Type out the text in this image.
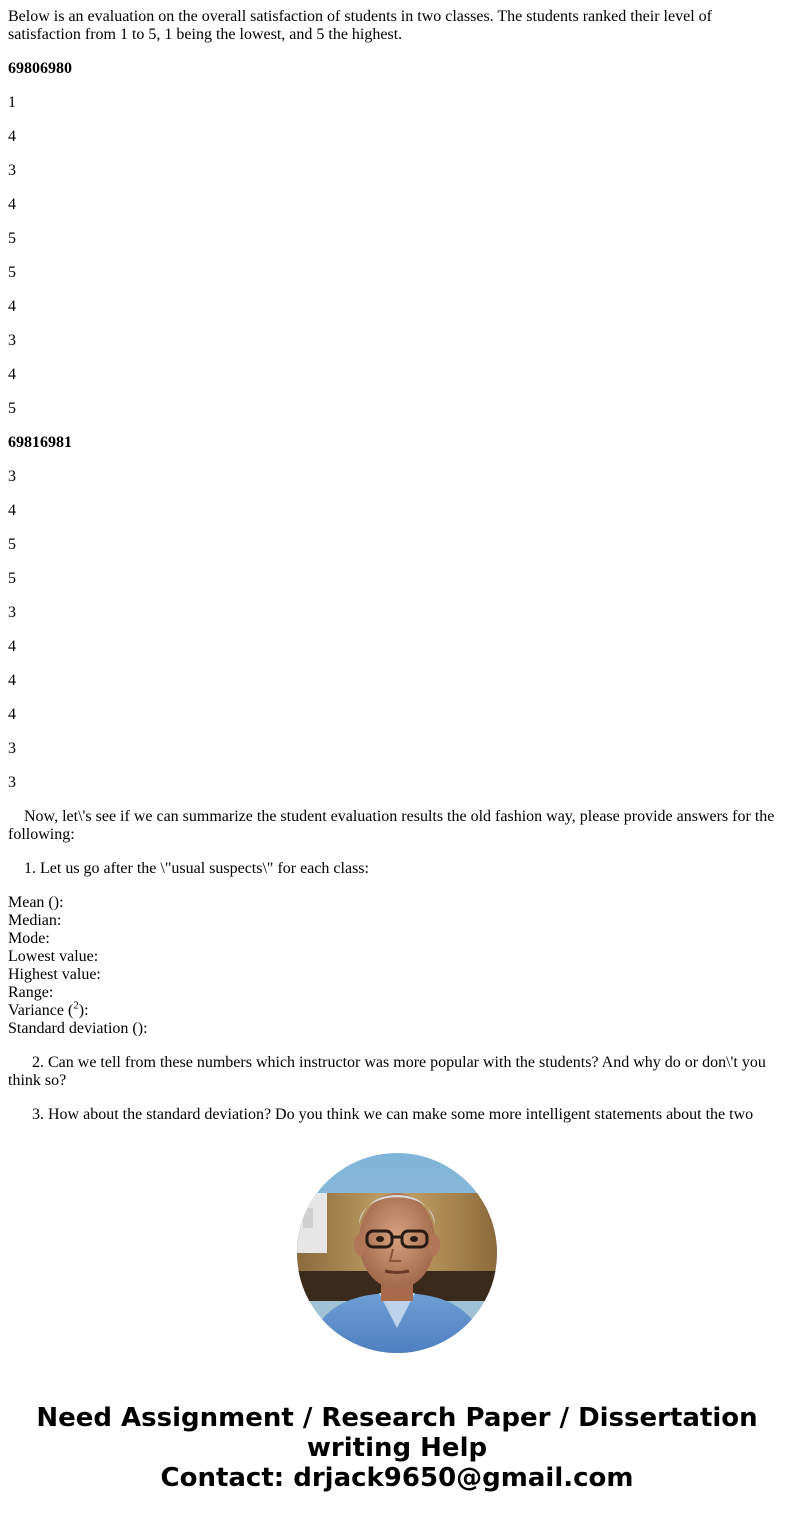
Below is an evaluation on the overall satisfaction of students in two classes. The students ranked their level of satisfaction from 1 to 5, 1 being the lowest, and 5 the highest.

69806980

1

4

3

4

5

5

4

3

4

5

69816981

3

4

5

5

3

4

4

4

3

3

Now, let\'s see if we can summarize the student evaluation results the old fashion way, please provide answers for the following:

1. Let us go after the \"usual suspects\" for each class:

Mean ():
Median:
Mode:
Lowest value:
Highest value:
Range:
Variance ($^2$):
Standard deviation ():

2. Can we tell from these numbers which instructor was more popular with the students? And why do or don\'t you think so?

3. How about the standard deviation? Do you think we can make some more intelligent statements about the two

Need Assignment / Research Paper / Dissertation
writing Help
Contact: drjack9650@gmail.com
